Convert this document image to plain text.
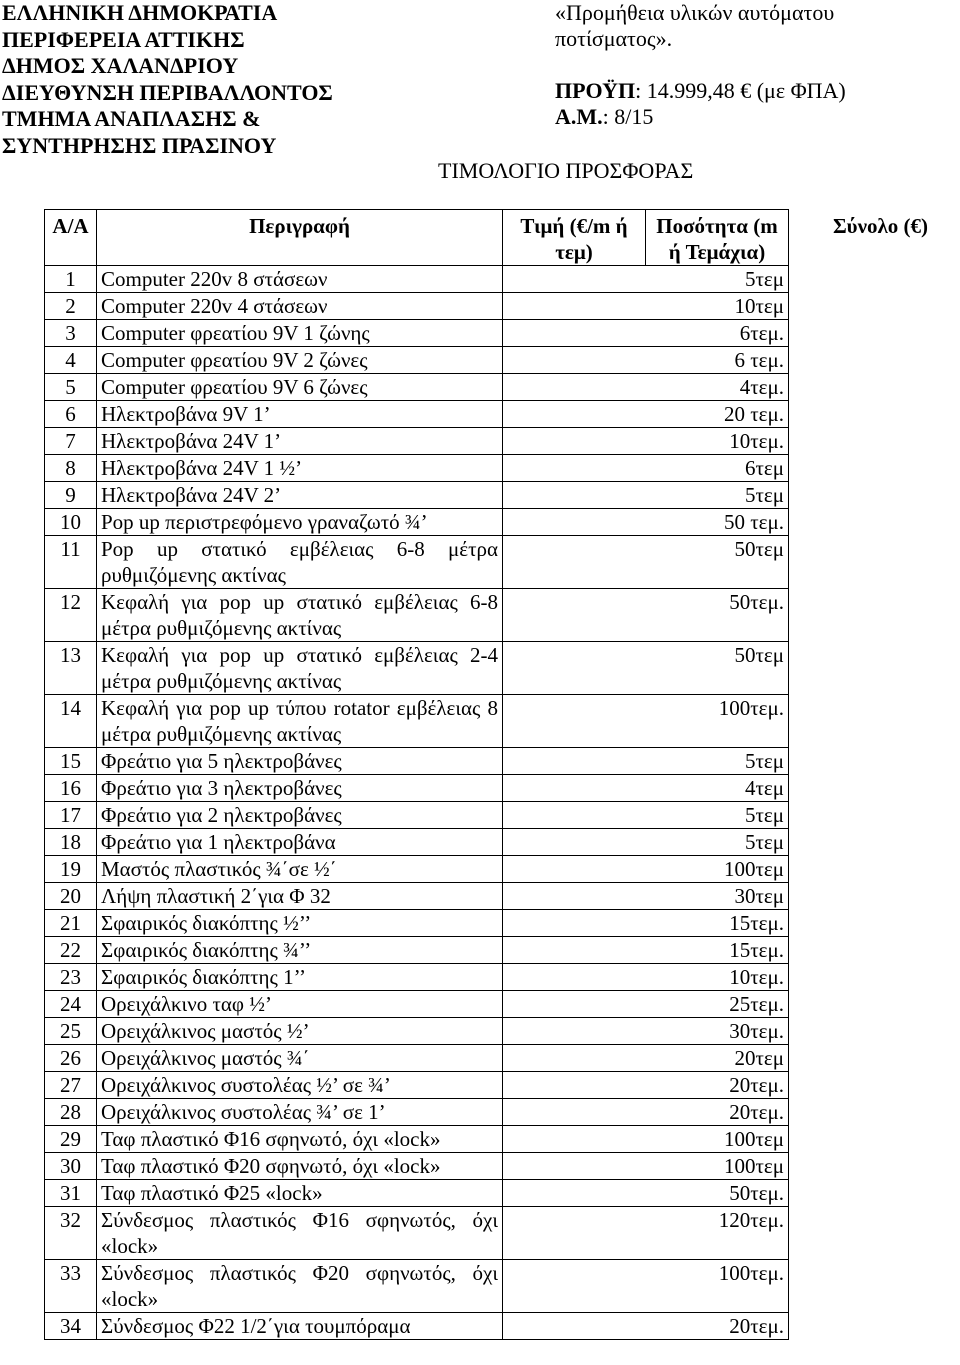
ΕΛΛΗΝΙΚΗ ΔΗΜΟΚΡΑΤΙΑ
ΠΕΡΙΦΕΡΕΙΑ ΑΤΤΙΚΗΣ
ΔΗΜΟΣ ΧΑΛΑΝΔΡΙΟΥ
ΔΙΕΥΘΥΝΣΗ ΠΕΡΙΒΑΛΛΟΝΤΟΣ
ΤΜΗΜΑ ΑΝΑΠΛΑΣΗΣ &
ΣΥΝΤΗΡΗΣΗΣ ΠΡΑΣΙΝΟΥ
«Προμήθεια υλικών αυτόματου
ποτίσματος».
ΠΡΟΫΠ: 14.999,48 € (με ΦΠΑ)
Α.Μ.: 8/15
ΤΙΜΟΛΟΓΙΟ ΠΡΟΣΦΟΡΑΣ
Α/Α	Περιγραφή	Τιμή (€/m ή τεμ)	Ποσότητα (m ή Τεμάχια)	Σύνολο (€)
1	Computer 220v 8 στάσεων	5τεμ		
2	Computer 220v 4 στάσεων	10τεμ		
3	Computer φρεατίου 9V 1 ζώνης	6τεμ.		
4	Computer φρεατίου 9V 2 ζώνες	6 τεμ.		
5	Computer φρεατίου 9V 6 ζώνες	4τεμ.		
6	Ηλεκτροβάνα 9V 1’	20 τεμ.		
7	Ηλεκτροβάνα 24V 1’	10τεμ.		
8	Ηλεκτροβάνα 24V 1 ½’	6τεμ		
9	Ηλεκτροβάνα 24V 2’	5τεμ		
10	Pop up περιστρεφόμενο γραναζωτό ¾’	50 τεμ.		
11	Pop up στατικό εμβέλειας 6-8 μέτρα ρυθμιζόμενης ακτίνας	50τεμ		
12	Κεφαλή για pop up στατικό εμβέλειας 6-8 μέτρα ρυθμιζόμενης ακτίνας	50τεμ.		
13	Κεφαλή για pop up στατικό εμβέλειας 2-4 μέτρα ρυθμιζόμενης ακτίνας	50τεμ		
14	Κεφαλή για pop up τύπου rotator εμβέλειας 8 μέτρα ρυθμιζόμενης ακτίνας	100τεμ.		
15	Φρεάτιο για 5 ηλεκτροβάνες	5τεμ		
16	Φρεάτιο για 3 ηλεκτροβάνες	4τεμ		
17	Φρεάτιο για 2 ηλεκτροβάνες	5τεμ		
18	Φρεάτιο για 1 ηλεκτροβάνα	5τεμ		
19	Μαστός πλαστικός ¾΄σε ½΄	100τεμ		
20	Λήψη πλαστική 2΄για Φ 32	30τεμ		
21	Σφαιρικός διακόπτης ½’’	15τεμ.		
22	Σφαιρικός διακόπτης ¾’’	15τεμ.		
23	Σφαιρικός διακόπτης 1’’	10τεμ.		
24	Ορειχάλκινο ταφ ½’	25τεμ.		
25	Ορειχάλκινος μαστός ½’	30τεμ.		
26	Ορειχάλκινος μαστός ¾΄	20τεμ		
27	Ορειχάλκινος συστολέας ½’ σε ¾’	20τεμ.		
28	Ορειχάλκινος συστολέας ¾’ σε 1’	20τεμ.		
29	Ταφ πλαστικό Φ16 σφηνωτό, όχι «lock»	100τεμ		
30	Ταφ πλαστικό Φ20 σφηνωτό, όχι «lock»	100τεμ		
31	Ταφ πλαστικό Φ25 «lock»	50τεμ.		
32	Σύνδεσμος πλαστικός Φ16 σφηνωτός, όχι «lock»	120τεμ.		
33	Σύνδεσμος πλαστικός Φ20 σφηνωτός, όχι «lock»	100τεμ.		
34	Σύνδεσμος Φ22 1/2΄για τουμπόραμα	20τεμ.		
